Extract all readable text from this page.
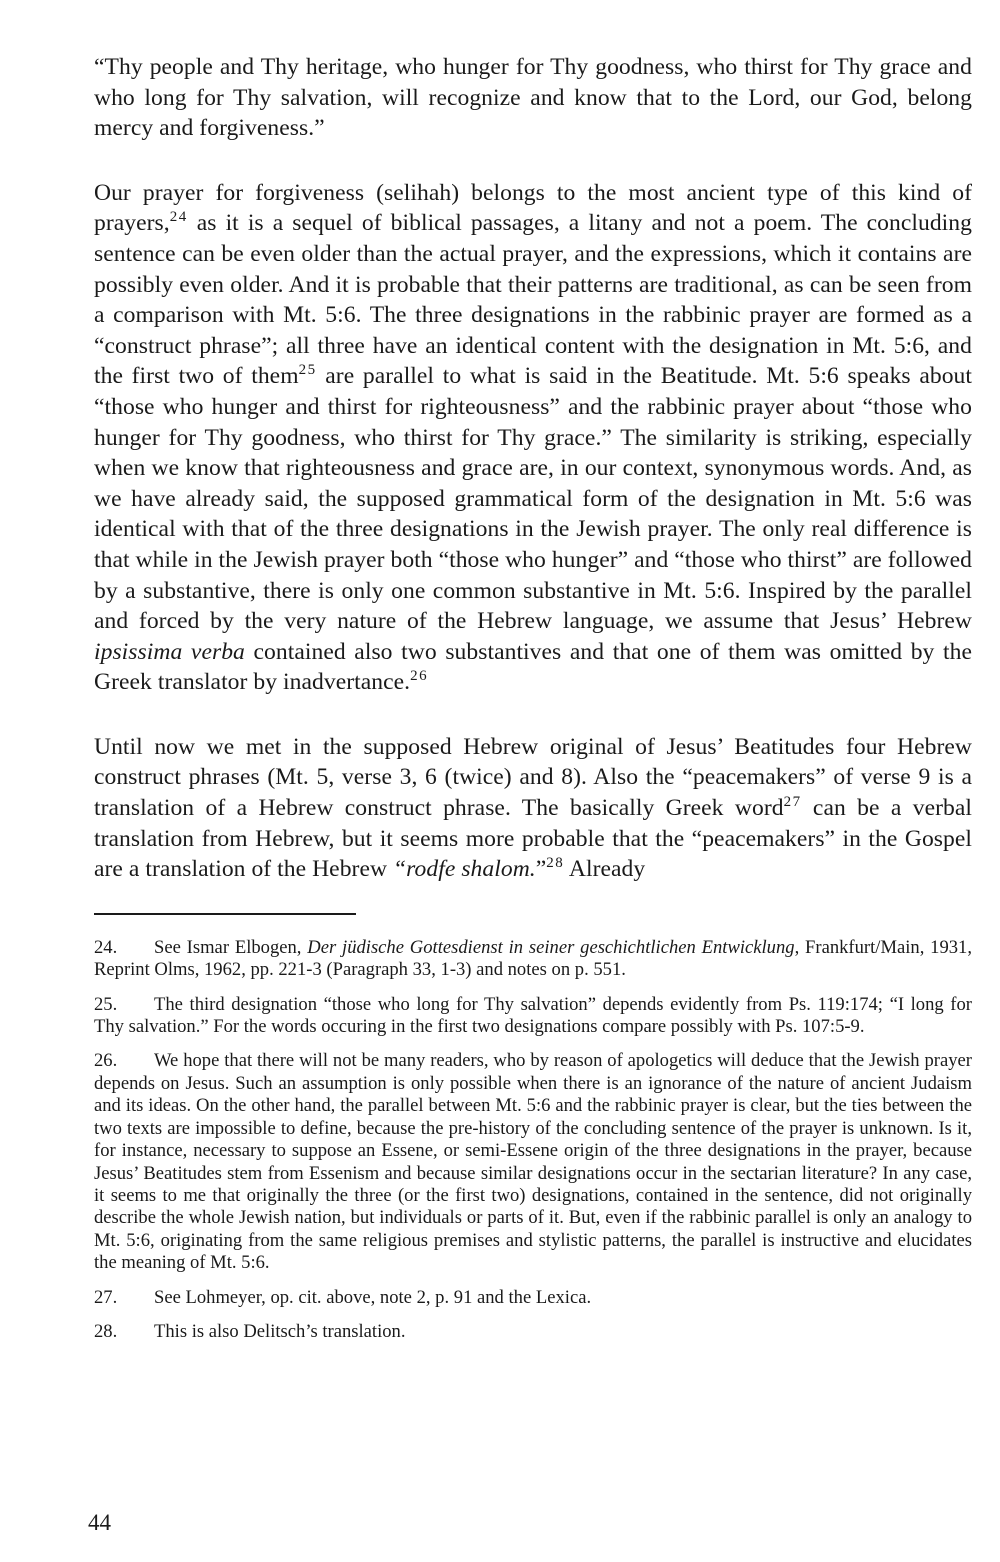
“Thy people and Thy heritage, who hunger for Thy goodness, who thirst for Thy grace and who long for Thy salvation, will recognize and know that to the Lord, our God, belong mercy and forgiveness.”

Our prayer for forgiveness (selihah) belongs to the most ancient type of this kind of prayers,$^{24}$ as it is a sequel of biblical passages, a litany and not a poem. The concluding sentence can be even older than the actual prayer, and the expressions, which it contains are possibly even older. And it is probable that their patterns are traditional, as can be seen from a comparison with Mt. 5:6. The three designations in the rabbinic prayer are formed as a “construct phrase”; all three have an identical content with the designation in Mt. 5:6, and the first two of them$^{25}$ are parallel to what is said in the Beatitude. Mt. 5:6 speaks about “those who hunger and thirst for righteousness” and the rabbinic prayer about “those who hunger for Thy goodness, who thirst for Thy grace.” The similarity is striking, especially when we know that righteousness and grace are, in our context, synonymous words. And, as we have already said, the supposed grammatical form of the designation in Mt. 5:6 was identical with that of the three designations in the Jewish prayer. The only real difference is that while in the Jewish prayer both “those who hunger” and “those who thirst” are followed by a substantive, there is only one common substantive in Mt. 5:6. Inspired by the parallel and forced by the very nature of the Hebrew language, we assume that Jesus’ Hebrew ipsissima verba contained also two substantives and that one of them was omitted by the Greek translator by inadvertance.$^{26}$

Until now we met in the supposed Hebrew original of Jesus’ Beatitudes four Hebrew construct phrases (Mt. 5, verse 3, 6 (twice) and 8). Also the “peacemakers” of verse 9 is a translation of a Hebrew construct phrase. The basically Greek word$^{27}$ can be a verbal translation from Hebrew, but it seems more probable that the “peacemakers” in the Gospel are a translation of the Hebrew “rodfe shalom.”$^{28}$ Already

24. See Ismar Elbogen, Der jüdische Gottesdienst in seiner geschichtlichen Entwicklung, Frankfurt/Main, 1931, Reprint Olms, 1962, pp. 221-3 (Paragraph 33, 1-3) and notes on p. 551.

25. The third designation “those who long for Thy salvation” depends evidently from Ps. 119:174; “I long for Thy salvation.” For the words occuring in the first two designations compare possibly with Ps. 107:5-9.

26. We hope that there will not be many readers, who by reason of apologetics will deduce that the Jewish prayer depends on Jesus. Such an assumption is only possible when there is an ignorance of the nature of ancient Judaism and its ideas. On the other hand, the parallel between Mt. 5:6 and the rabbinic prayer is clear, but the ties between the two texts are impossible to define, because the pre-history of the concluding sentence of the prayer is unknown. Is it, for instance, necessary to suppose an Essene, or semi-Essene origin of the three designations in the prayer, because Jesus’ Beatitudes stem from Essenism and because similar designations occur in the sectarian literature? In any case, it seems to me that originally the three (or the first two) designations, contained in the sentence, did not originally describe the whole Jewish nation, but individuals or parts of it. But, even if the rabbinic parallel is only an analogy to Mt. 5:6, originating from the same religious premises and stylistic patterns, the parallel is instructive and elucidates the meaning of Mt. 5:6.

27. See Lohmeyer, op. cit. above, note 2, p. 91 and the Lexica.

28. This is also Delitsch’s translation.

44
